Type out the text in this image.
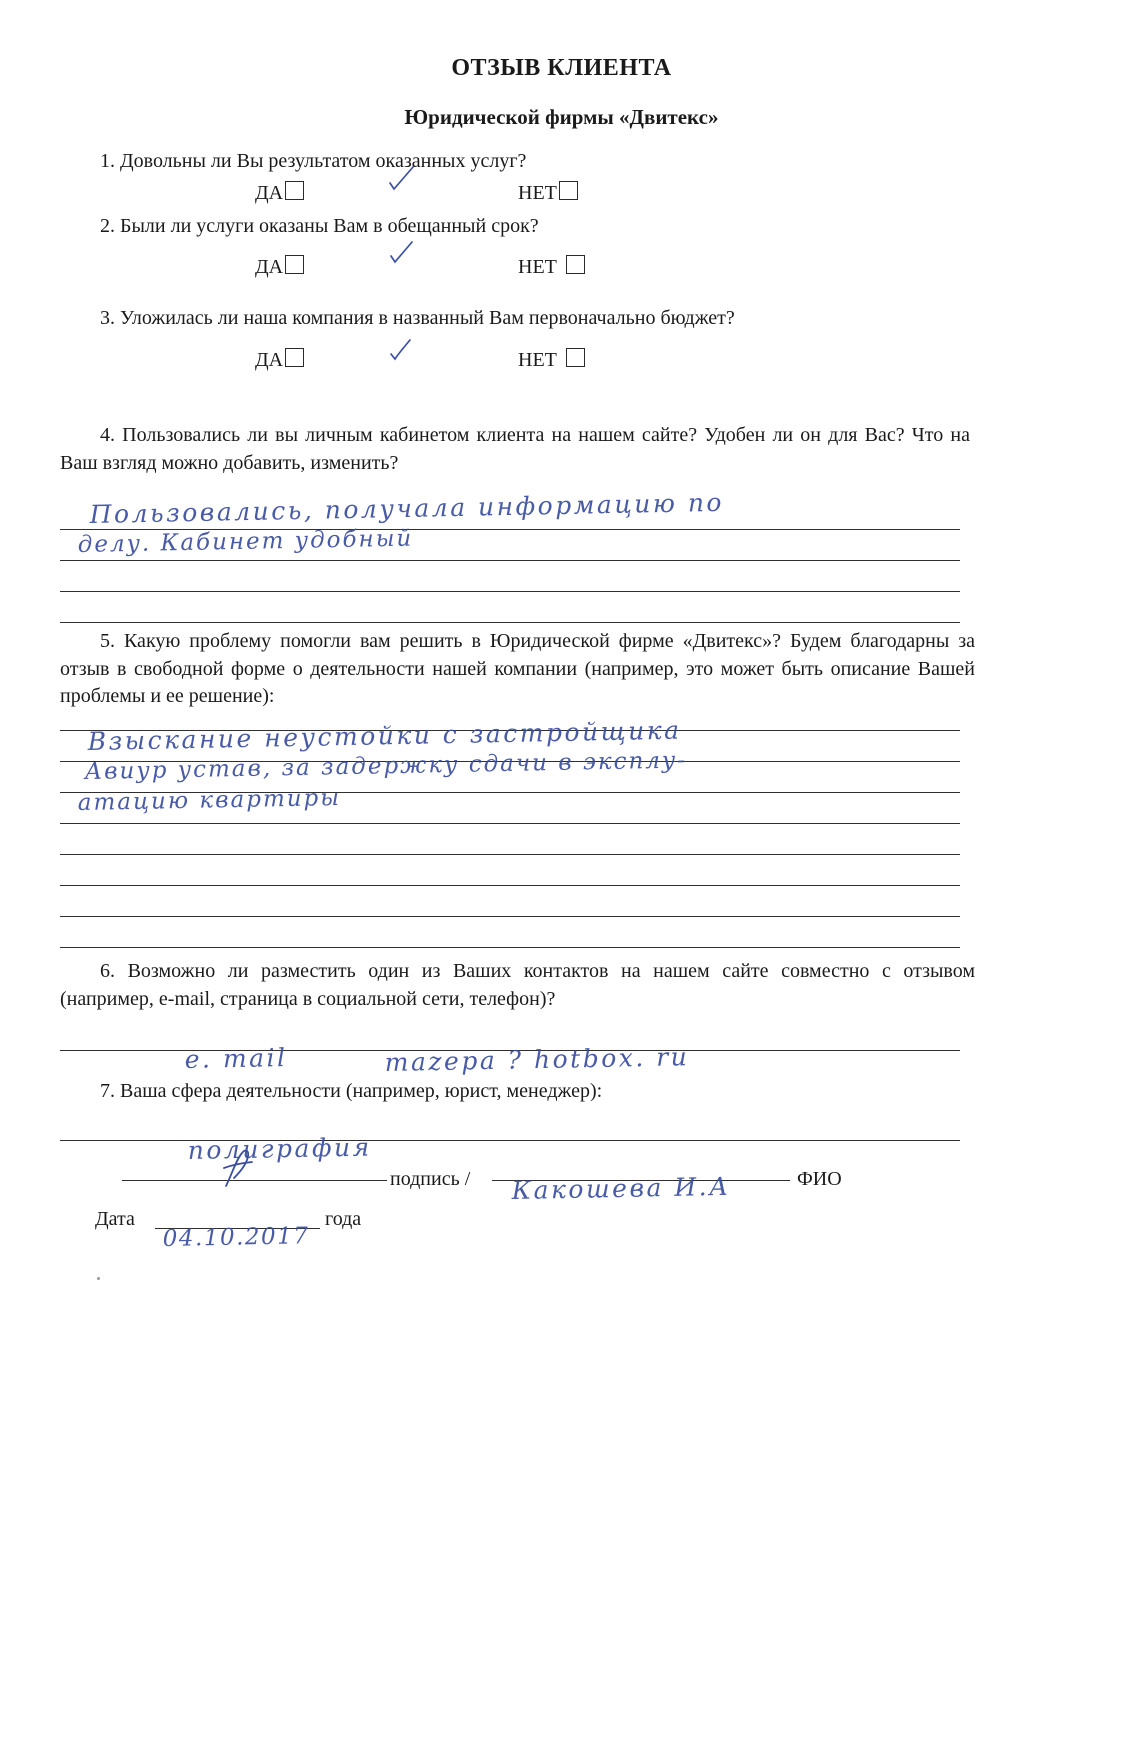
ОТЗЫВ КЛИЕНТА
Юридической фирмы «Двитекс»
1. Довольны ли Вы результатом оказанных услуг?
ДА	НЕТ
2. Были ли услуги оказаны Вам в обещанный срок?
ДА	НЕТ
3. Уложилась ли наша компания в названный Вам первоначально бюджет?
ДА	НЕТ
4. Пользовались ли вы личным кабинетом клиента на нашем сайте? Удобен ли он для Вас? Что на Ваш взгляд можно добавить, изменить?
Пользовались, получала информацию по
делу. Кабинет удобный
5. Какую проблему помогли вам решить в Юридической фирме «Двитекс»? Будем благодарны за отзыв в свободной форме о деятельности нашей компании (например, это может быть описание Вашей проблемы и ее решение):
Взыскание неустойки с застройщика
Авиур устав, за задержку сдачи в эксплу-
атацию квартиры
6. Возможно ли разместить один из Ваших контактов на нашем сайте совместно с отзывом (например, e-mail, страница в социальной сети, телефон)?
e. mail	mazepa ? hotbox. ru
7. Ваша сфера деятельности (например, юрист, менеджер):
полиграфия
подпись / Какошева И.А	ФИО
Дата
04.10.2017
года
